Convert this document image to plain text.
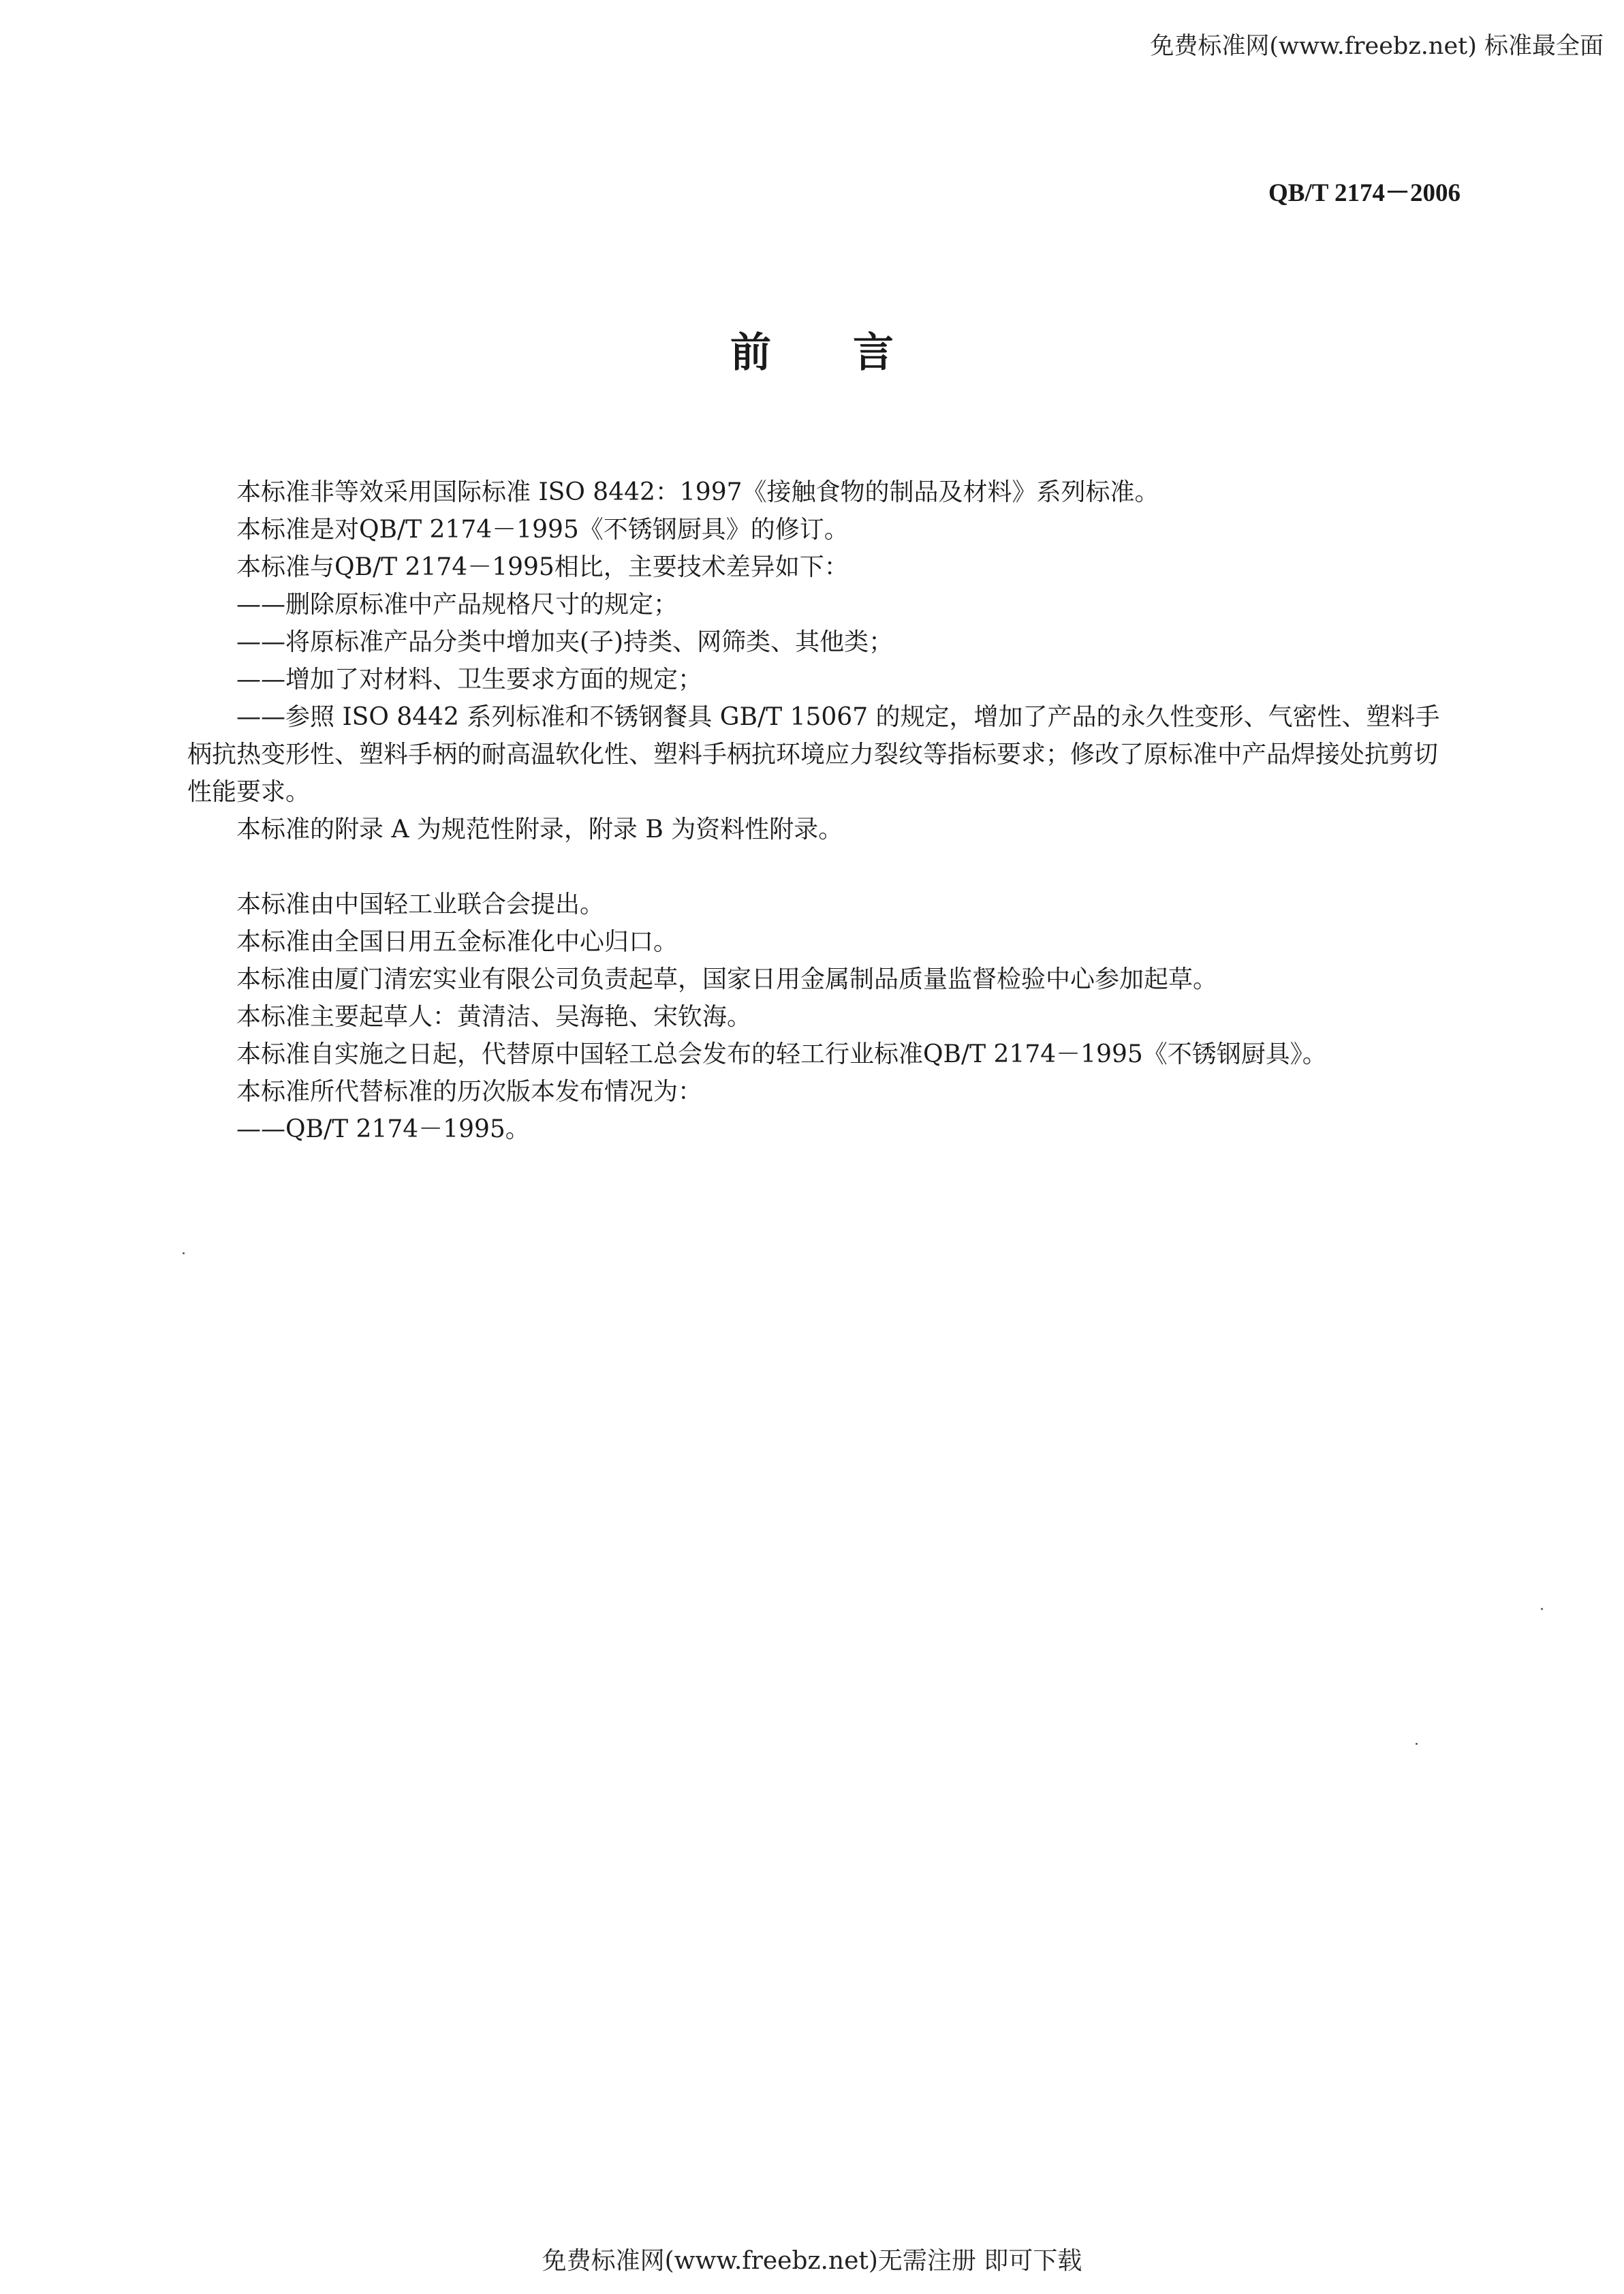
免费标准网(www.freebz.net) 标准最全面
QB/T 2174－2006
前言

本标准非等效采用国际标准 ISO 8442：1997《接触食物的制品及材料》系列标准。

本标准是对QB/T 2174－1995《不锈钢厨具》的修订。

本标准与QB/T 2174－1995相比，主要技术差异如下：

——删除原标准中产品规格尺寸的规定；

——将原标准产品分类中增加夹(子)持类、网筛类、其他类；

——增加了对材料、卫生要求方面的规定；

——参照 ISO 8442 系列标准和不锈钢餐具 GB/T 15067 的规定，增加了产品的永久性变形、气密性、塑料手柄抗热变形性、塑料手柄的耐高温软化性、塑料手柄抗环境应力裂纹等指标要求；修改了原标准中产品焊接处抗剪切性能要求。

本标准的附录 A 为规范性附录，附录 B 为资料性附录。

本标准由中国轻工业联合会提出。

本标准由全国日用五金标准化中心归口。

本标准由厦门清宏实业有限公司负责起草，国家日用金属制品质量监督检验中心参加起草。

本标准主要起草人：黄清洁、吴海艳、宋钦海。

本标准自实施之日起，代替原中国轻工总会发布的轻工行业标准QB/T 2174－1995《不锈钢厨具》。

本标准所代替标准的历次版本发布情况为：

——QB/T 2174－1995。

免费标准网(www.freebz.net)无需注册 即可下载
